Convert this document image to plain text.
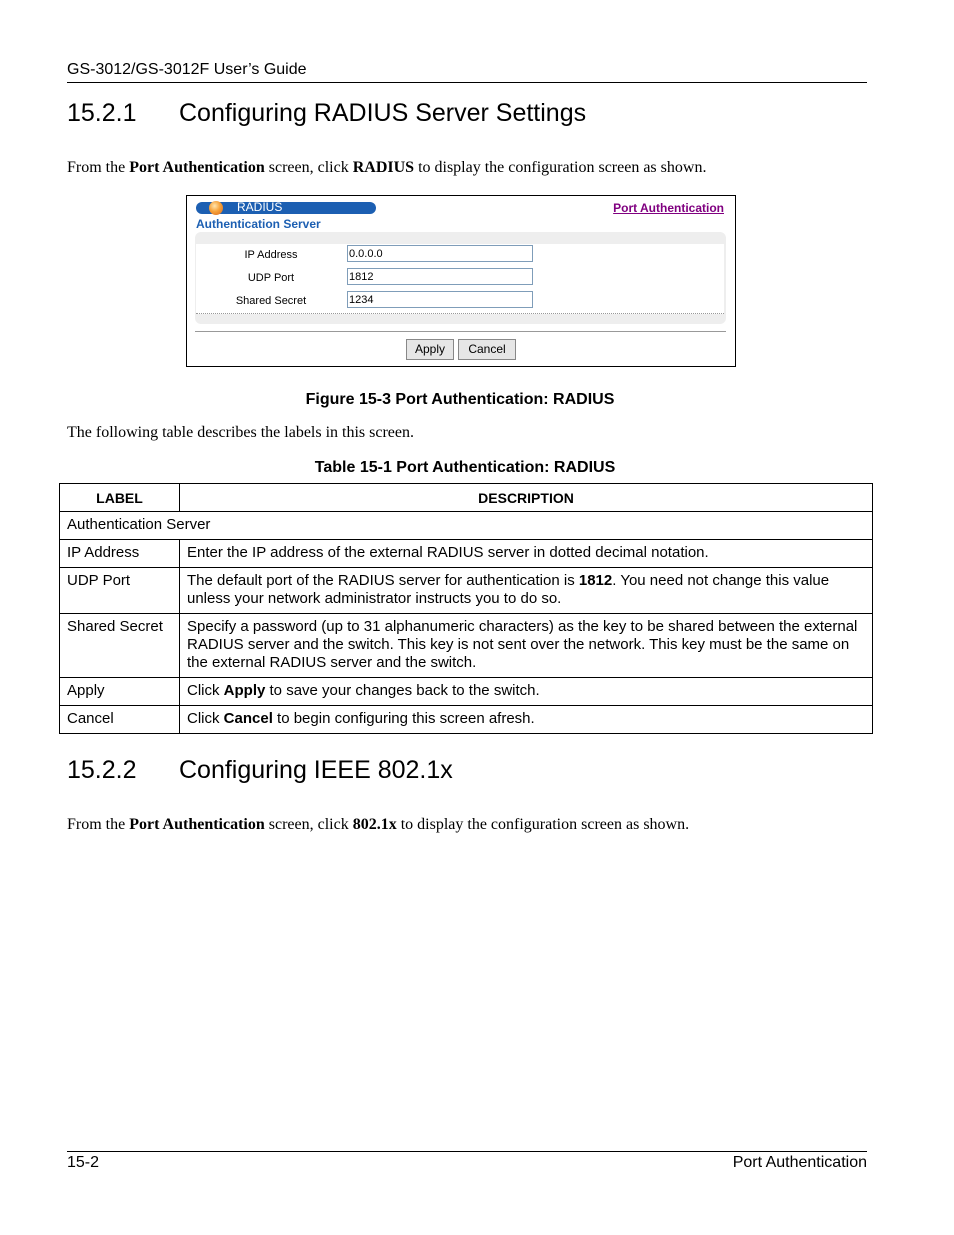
GS-3012/GS-3012F User’s Guide
15.2.1 Configuring RADIUS Server Settings
From the Port Authentication screen, click RADIUS to display the configuration screen as shown.
RADIUS	Port Authentication
Authentication Server
IP Address	0.0.0.0
UDP Port	1812
Shared Secret	1234
Apply	Cancel
Figure 15-3 Port Authentication: RADIUS
The following table describes the labels in this screen.
Table 15-1 Port Authentication: RADIUS
LABEL	DESCRIPTION
Authentication Server	
IP Address	Enter the IP address of the external RADIUS server in dotted decimal notation.
UDP Port	The default port of the RADIUS server for authentication is 1812. You need not change this value unless your network administrator instructs you to do so.
Shared Secret	Specify a password (up to 31 alphanumeric characters) as the key to be shared between the external RADIUS server and the switch. This key is not sent over the network. This key must be the same on the external RADIUS server and the switch.
Apply	Click Apply to save your changes back to the switch.
Cancel	Click Cancel to begin configuring this screen afresh.
15.2.2 Configuring IEEE 802.1x
From the Port Authentication screen, click 802.1x to display the configuration screen as shown.
15-2	Port Authentication
